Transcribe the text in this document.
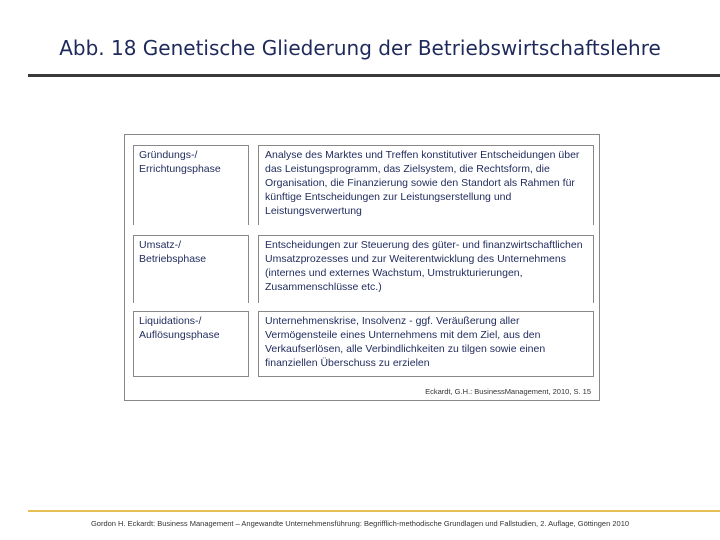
Abb. 18 Genetische Gliederung der Betriebswirtschaftslehre
Gründungs-/ Errichtungsphase
Analyse des Marktes und Treffen konstitutiver Entscheidungen über das Leistungsprogramm, das Zielsystem, die Rechtsform, die Organisation, die Finanzierung sowie den Standort als Rahmen für künftige Entscheidungen zur Leistungserstellung und Leistungsverwertung
Umsatz-/ Betriebsphase
Entscheidungen zur Steuerung des güter- und finanzwirtschaftlichen Umsatzprozesses und zur Weiterentwicklung des Unternehmens (internes und externes Wachstum, Umstrukturierungen, Zusammenschlüsse etc.)
Liquidations-/ Auflösungsphase
Unternehmenskrise, Insolvenz - ggf. Veräußerung aller Vermögensteile eines Unternehmens mit dem Ziel, aus den Verkaufserlösen, alle Verbindlichkeiten zu tilgen sowie einen finanziellen Überschuss zu erzielen
Eckardt, G.H.: BusinessManagement, 2010, S. 15
Gordon H. Eckardt: Business Management – Angewandte Unternehmensführung: Begrifflich-methodische Grundlagen und Fallstudien, 2. Auflage, Göttingen 2010
